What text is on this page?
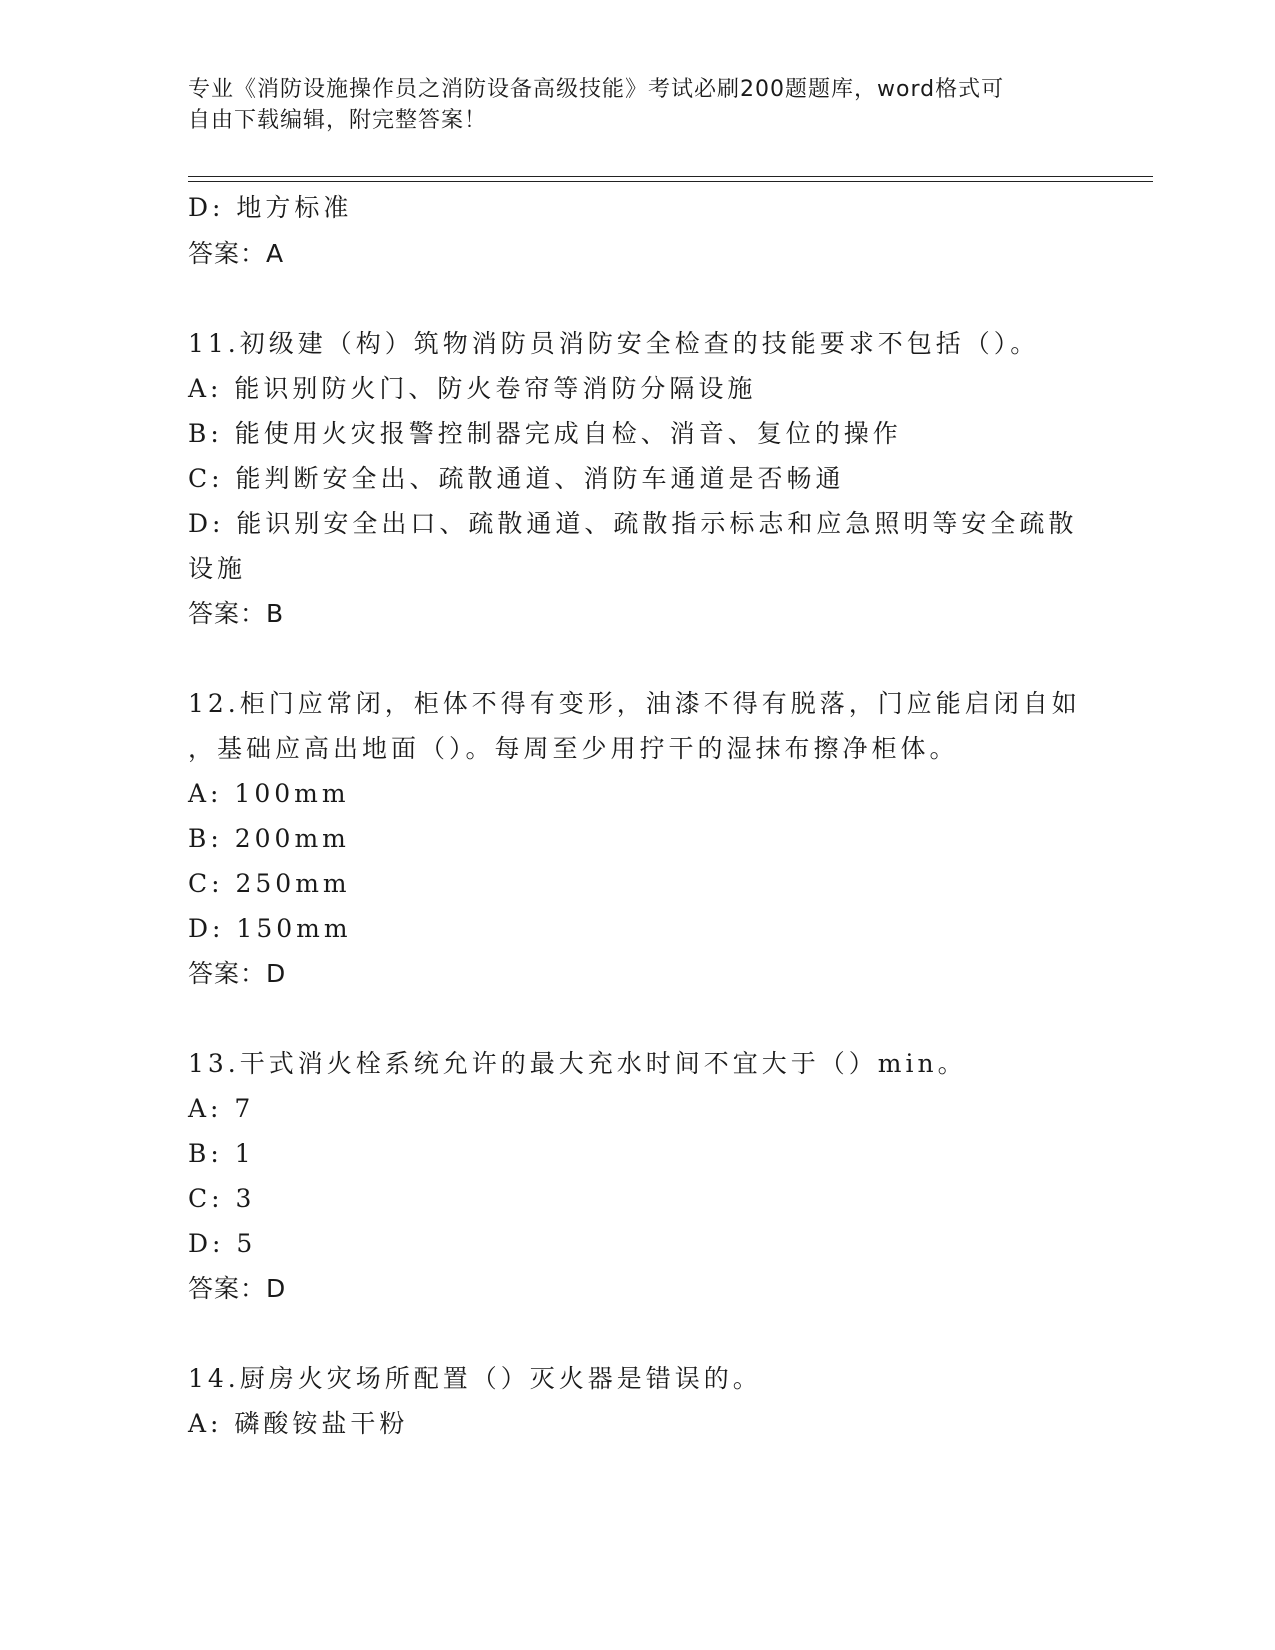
专业《消防设施操作员之消防设备高级技能》考试必刷200题题库，word格式可
自由下载编辑，附完整答案！
D: 地方标准
答案：A
11.初级建（构）筑物消防员消防安全检查的技能要求不包括（）。
A: 能识别防火门、防火卷帘等消防分隔设施
B: 能使用火灾报警控制器完成自检、消音、复位的操作
C: 能判断安全出、疏散通道、消防车通道是否畅通
D: 能识别安全出口、疏散通道、疏散指示标志和应急照明等安全疏散
设施
答案：B
12.柜门应常闭，柜体不得有变形，油漆不得有脱落，门应能启闭自如
，基础应高出地面（）。每周至少用拧干的湿抹布擦净柜体。
A: 100mm
B: 200mm
C: 250mm
D: 150mm
答案：D
13.干式消火栓系统允许的最大充水时间不宜大于（）min。
A: 7
B: 1
C: 3
D: 5
答案：D
14.厨房火灾场所配置（）灭火器是错误的。
A: 磷酸铵盐干粉
